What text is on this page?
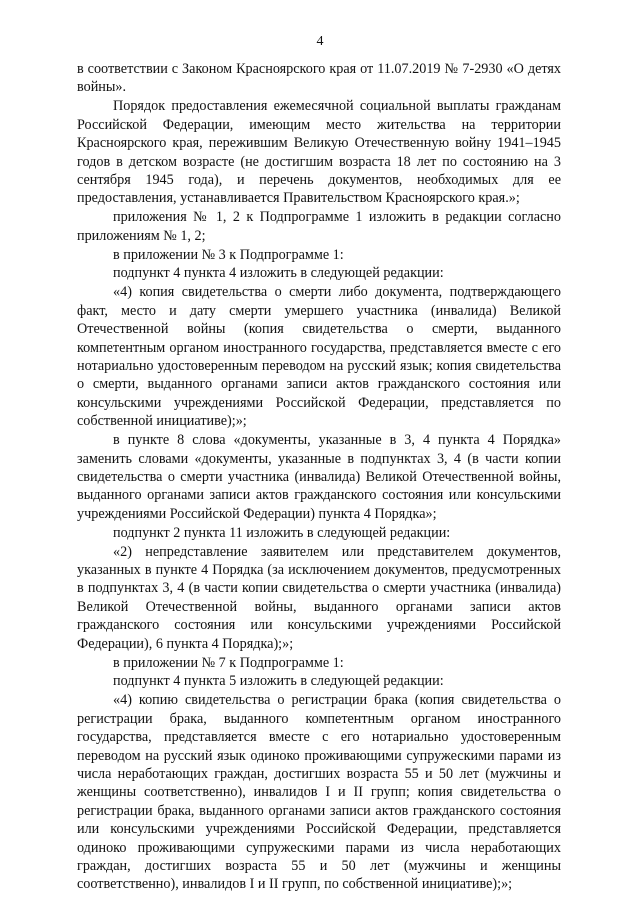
4

в соответствии с Законом Красноярского края от 11.07.2019 № 7-2930 «О детях войны».

Порядок предоставления ежемесячной социальной выплаты гражданам Российской Федерации, имеющим место жительства на территории Красноярского края, пережившим Великую Отечественную войну 1941–1945 годов в детском возрасте (не достигшим возраста 18 лет по состоянию на 3 сентября 1945 года), и перечень документов, необходимых для ее предоставления, устанавливается Правительством Красноярского края.»;

приложения № 1, 2 к Подпрограмме 1 изложить в редакции согласно приложениям № 1, 2;

в приложении № 3 к Подпрограмме 1:

подпункт 4 пункта 4 изложить в следующей редакции:

«4) копия свидетельства о смерти либо документа, подтверждающего факт, место и дату смерти умершего участника (инвалида) Великой Отечественной войны (копия свидетельства о смерти, выданного компетентным органом иностранного государства, представляется вместе с его нотариально удостоверенным переводом на русский язык; копия свидетельства о смерти, выданного органами записи актов гражданского состояния или консульскими учреждениями Российской Федерации, представляется по собственной инициативе);»;

в пункте 8 слова «документы, указанные в 3, 4 пункта 4 Порядка» заменить словами «документы, указанные в подпунктах 3, 4 (в части копии свидетельства о смерти участника (инвалида) Великой Отечественной войны, выданного органами записи актов гражданского состояния или консульскими учреждениями Российской Федерации) пункта 4 Порядка»;

подпункт 2 пункта 11 изложить в следующей редакции:

«2) непредставление заявителем или представителем документов, указанных в пункте 4 Порядка (за исключением документов, предусмотренных в подпунктах 3, 4 (в части копии свидетельства о смерти участника (инвалида) Великой Отечественной войны, выданного органами записи актов гражданского состояния или консульскими учреждениями Российской Федерации), 6 пункта 4 Порядка);»;

в приложении № 7 к Подпрограмме 1:

подпункт 4 пункта 5 изложить в следующей редакции:

«4) копию свидетельства о регистрации брака (копия свидетельства о регистрации брака, выданного компетентным органом иностранного государства, представляется вместе с его нотариально удостоверенным переводом на русский язык одиноко проживающими супружескими парами из числа неработающих граждан, достигших возраста 55 и 50 лет (мужчины и женщины соответственно), инвалидов I и II групп; копия свидетельства о регистрации брака, выданного органами записи актов гражданского состояния или консульскими учреждениями Российской Федерации, представляется одиноко проживающими супружескими парами из числа неработающих граждан, достигших возраста 55 и 50 лет (мужчины и женщины соответственно), инвалидов I и II групп, по собственной инициативе);»;
